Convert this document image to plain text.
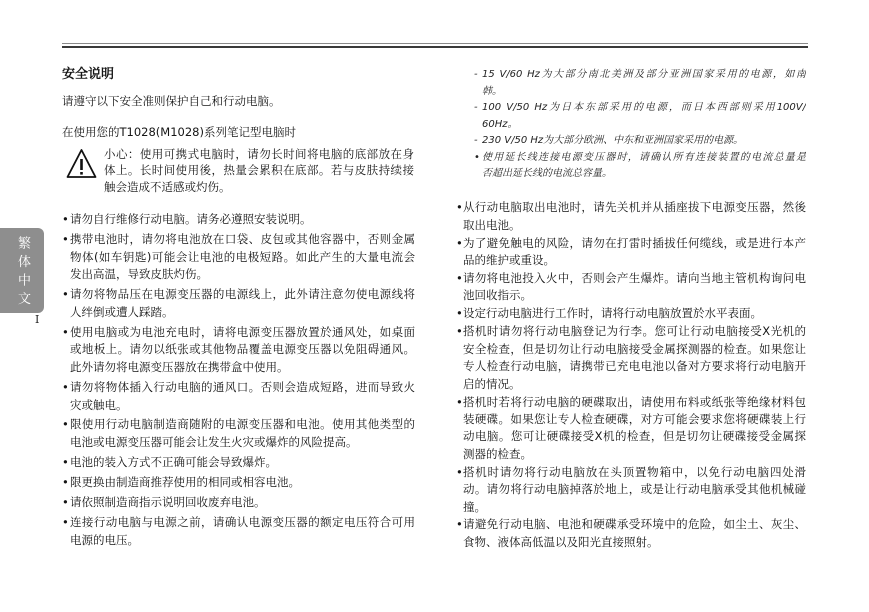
繁体中文
I
安全说明
请遵守以下安全准则保护自己和行动电脑。
在使用您的T1028(M1028)系列笔记型电脑时
小心：使用可携式电脑时，请勿长时间将电脑的底部放在身
体上。长时间使用後，热量会累积在底部。若与皮肤持续接
触会造成不适感或灼伤。
• 请勿自行维修行动电脑。请务必遵照安装说明。
• 携带电池时，请勿将电池放在口袋、皮包或其他容器中，否则金属
物体(如车钥匙)可能会让电池的电极短路。如此产生的大量电流会
发出高温，导致皮肤灼伤。
• 请勿将物品压在电源变压器的电源线上，此外请注意勿使电源线将
人绊倒或遭人踩踏。
• 使用电脑或为电池充电时，请将电源变压器放置於通风处，如桌面
或地板上。请勿以纸张或其他物品覆盖电源变压器以免阻碍通风。
此外请勿将电源变压器放在携带盒中使用。
• 请勿将物体插入行动电脑的通风口。否则会造成短路，进而导致火
灾或触电。
• 限使用行动电脑制造商随附的电源变压器和电池。使用其他类型的
电池或电源变压器可能会让发生火灾或爆炸的风险提高。
• 电池的装入方式不正确可能会导致爆炸。
• 限更换由制造商推荐使用的相同或相容电池。
• 请依照制造商指示说明回收废弃电池。
• 连接行动电脑与电源之前，请确认电源变压器的额定电压符合可用
电源的电压。
- 15 V/60 Hz为大部分南北美洲及部分亚洲国家采用的电源，如南
韩。
- 100 V/50 Hz为日本东部采用的电源，而日本西部则采用100V/
60Hz。
- 230 V/50 Hz为大部分欧洲、中东和亚洲国家采用的电源。
• 使用延长线连接电源变压器时，请确认所有连接装置的电流总量是
否超出延长线的电流总容量。
• 从行动电脑取出电池时，请先关机并从插座拔下电源变压器，然後
取出电池。
• 为了避免触电的风险，请勿在打雷时插拔任何缆线，或是进行本产
品的维护或重设。
• 请勿将电池投入火中，否则会产生爆炸。请向当地主管机构询问电
池回收指示。
• 设定行动电脑进行工作时，请将行动电脑放置於水平表面。
• 搭机时请勿将行动电脑登记为行李。您可让行动电脑接受X光机的
安全检查，但是切勿让行动电脑接受金属探测器的检查。如果您让
专人检查行动电脑，请携带已充电电池以备对方要求将行动电脑开
启的情况。
• 搭机时若将行动电脑的硬碟取出，请使用布料或纸张等绝缘材料包
装硬碟。如果您让专人检查硬碟，对方可能会要求您将硬碟装上行
动电脑。您可让硬碟接受X机的检查，但是切勿让硬碟接受金属探
测器的检查。
• 搭机时请勿将行动电脑放在头顶置物箱中，以免行动电脑四处滑
动。请勿将行动电脑掉落於地上，或是让行动电脑承受其他机械碰
撞。
• 请避免行动电脑、电池和硬碟承受环境中的危险，如尘土、灰尘、
食物、液体高低温以及阳光直接照射。
